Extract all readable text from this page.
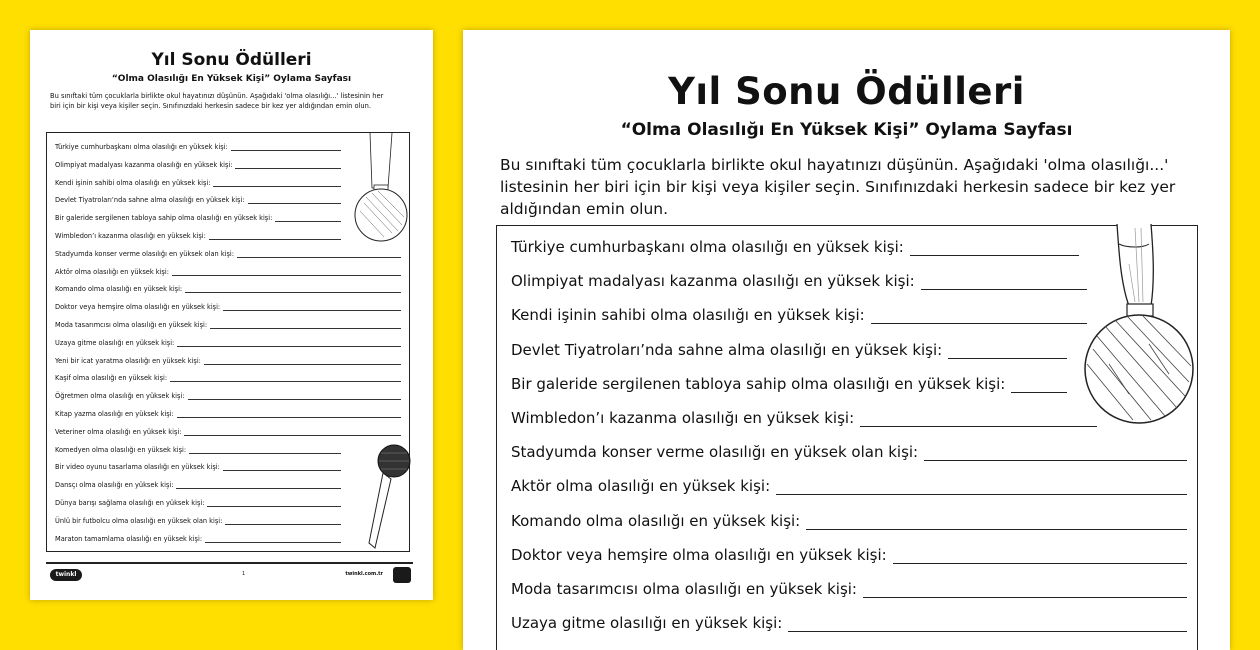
Yıl Sonu Ödülleri
“Olma Olasılığı En Yüksek Kişi” Oylama Sayfası
Bu sınıftaki tüm çocuklarla birlikte okul hayatınızı düşünün. Aşağıdaki 'olma olasılığı...' listesinin her biri için bir kişi veya kişiler seçin. Sınıfınızdaki herkesin sadece bir kez yer aldığından emin olun.
Türkiye cumhurbaşkanı olma olasılığı en yüksek kişi:
Olimpiyat madalyası kazanma olasılığı en yüksek kişi:
Kendi işinin sahibi olma olasılığı en yüksek kişi:
Devlet Tiyatroları’nda sahne alma olasılığı en yüksek kişi:
Bir galeride sergilenen tabloya sahip olma olasılığı en yüksek kişi:
Wimbledon’ı kazanma olasılığı en yüksek kişi:
Stadyumda konser verme olasılığı en yüksek olan kişi:
Aktör olma olasılığı en yüksek kişi:
Komando olma olasılığı en yüksek kişi:
Doktor veya hemşire olma olasılığı en yüksek kişi:
Moda tasarımcısı olma olasılığı en yüksek kişi:
Uzaya gitme olasılığı en yüksek kişi:
Yeni bir icat yaratma olasılığı en yüksek kişi:
Kaşif olma olasılığı en yüksek kişi:
Öğretmen olma olasılığı en yüksek kişi:
Kitap yazma olasılığı en yüksek kişi:
Veteriner olma olasılığı en yüksek kişi:
Komedyen olma olasılığı en yüksek kişi:
Bir video oyunu tasarlama olasılığı en yüksek kişi:
Dansçı olma olasılığı en yüksek kişi:
Dünya barışı sağlama olasılığı en yüksek kişi:
Ünlü bir futbolcu olma olasılığı en yüksek olan kişi:
Maraton tamamlama olasılığı en yüksek kişi:
twinkl	1	twinkl.com.tr
Yıl Sonu Ödülleri
“Olma Olasılığı En Yüksek Kişi” Oylama Sayfası
Bu sınıftaki tüm çocuklarla birlikte okul hayatınızı düşünün. Aşağıdaki 'olma olasılığı...' listesinin her biri için bir kişi veya kişiler seçin. Sınıfınızdaki herkesin sadece bir kez yer aldığından emin olun.
Türkiye cumhurbaşkanı olma olasılığı en yüksek kişi:
Olimpiyat madalyası kazanma olasılığı en yüksek kişi:
Kendi işinin sahibi olma olasılığı en yüksek kişi:
Devlet Tiyatroları’nda sahne alma olasılığı en yüksek kişi:
Bir galeride sergilenen tabloya sahip olma olasılığı en yüksek kişi:
Wimbledon’ı kazanma olasılığı en yüksek kişi:
Stadyumda konser verme olasılığı en yüksek olan kişi:
Aktör olma olasılığı en yüksek kişi:
Komando olma olasılığı en yüksek kişi:
Doktor veya hemşire olma olasılığı en yüksek kişi:
Moda tasarımcısı olma olasılığı en yüksek kişi:
Uzaya gitme olasılığı en yüksek kişi:
